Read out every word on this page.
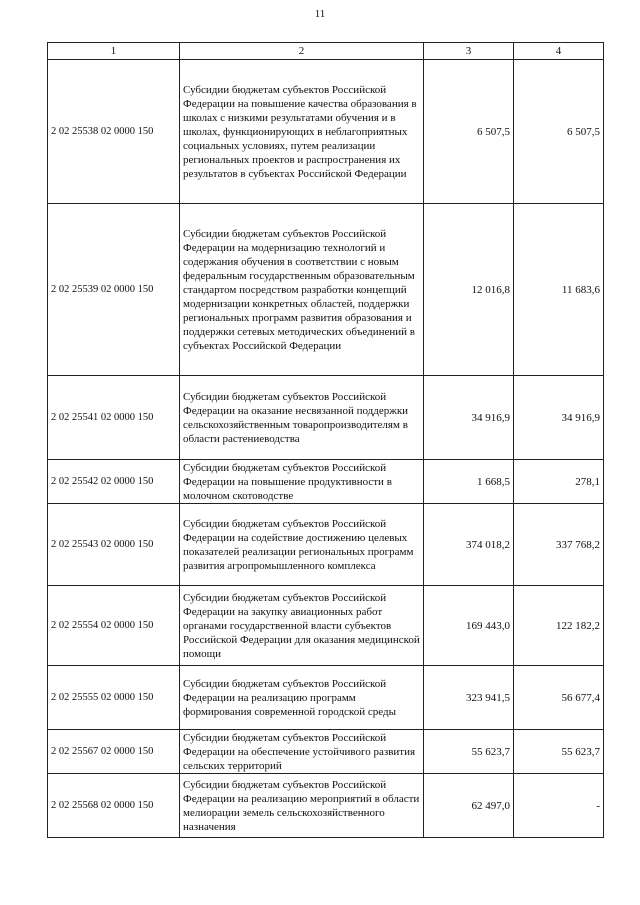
11
1	2	3	4
2 02 25538 02 0000 150	Субсидии бюджетам субъектов Российской Федерации на повышение качества образования в школах с низкими результатами обучения и в школах, функционирующих в неблагоприятных социальных условиях, путем реализации региональных проектов и распространения их результатов в субъектах Российской Федерации	6 507,5	6 507,5
2 02 25539 02 0000 150	Субсидии бюджетам субъектов Российской Федерации на модернизацию технологий и содержания обучения в соответствии с новым федеральным государственным образовательным стандартом посредством разработки концепций модернизации конкретных областей, поддержки региональных программ развития образования и поддержки сетевых методических объединений в субъектах Российской Федерации	12 016,8	11 683,6
2 02 25541 02 0000 150	Субсидии бюджетам субъектов Российской Федерации на оказание несвязанной поддержки сельскохозяйственным товаропроизводителям в области растениеводства	34 916,9	34 916,9
2 02 25542 02 0000 150	Субсидии бюджетам субъектов Российской Федерации на повышение продуктивности в молочном скотоводстве	1 668,5	278,1
2 02 25543 02 0000 150	Субсидии бюджетам субъектов Российской Федерации на содействие достижению целевых показателей реализации региональных программ развития агропромышленного комплекса	374 018,2	337 768,2
2 02 25554 02 0000 150	Субсидии бюджетам субъектов Российской Федерации на закупку авиационных работ органами государственной власти субъектов Российской Федерации для оказания медицинской помощи	169 443,0	122 182,2
2 02 25555 02 0000 150	Субсидии бюджетам субъектов Российской Федерации на реализацию программ формирования современной городской среды	323 941,5	56 677,4
2 02 25567 02 0000 150	Субсидии бюджетам субъектов Российской Федерации на обеспечение устойчивого развития сельских территорий	55 623,7	55 623,7
2 02 25568 02 0000 150	Субсидии бюджетам субъектов Российской Федерации на реализацию мероприятий в области мелиорации земель сельскохозяйственного назначения	62 497,0	-
